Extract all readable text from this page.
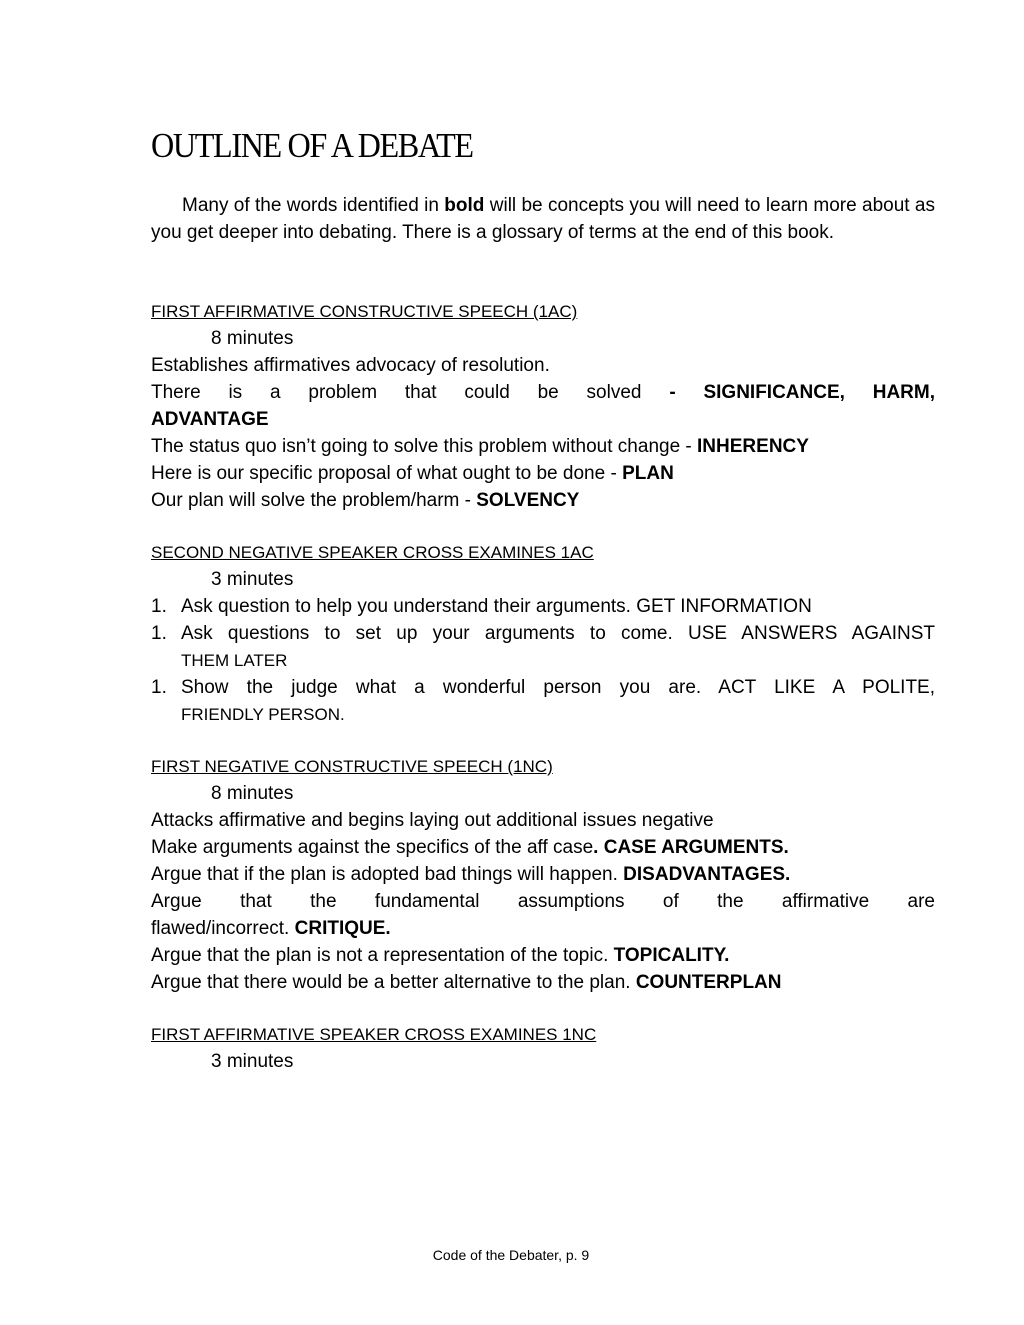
OUTLINE OF A DEBATE

Many of the words identified in bold will be concepts you will need to learn more about as you get deeper into debating. There is a glossary of terms at the end of this book.

FIRST AFFIRMATIVE CONSTRUCTIVE SPEECH (1AC)
8 minutes
Establishes affirmatives advocacy of resolution.
There is a problem that could be solved - SIGNIFICANCE, HARM,
ADVANTAGE
The status quo isn’t going to solve this problem without change - INHERENCY
Here is our specific proposal of what ought to be done - PLAN
Our plan will solve the problem/harm - SOLVENCY
SECOND NEGATIVE SPEAKER CROSS EXAMINES 1AC
3 minutes
1. Ask question to help you understand their arguments. GET INFORMATION
1. Ask questions to set up your arguments to come. USE ANSWERS AGAINST
THEM LATER
1. Show the judge what a wonderful person you are. ACT LIKE A POLITE,
FRIENDLY PERSON.
FIRST NEGATIVE CONSTRUCTIVE SPEECH (1NC)
8 minutes
Attacks affirmative and begins laying out additional issues negative
Make arguments against the specifics of the aff case. CASE ARGUMENTS.
Argue that if the plan is adopted bad things will happen. DISADVANTAGES.
Argue that the fundamental assumptions of the affirmative are
flawed/incorrect. CRITIQUE.
Argue that the plan is not a representation of the topic. TOPICALITY.
Argue that there would be a better alternative to the plan. COUNTERPLAN
FIRST AFFIRMATIVE SPEAKER CROSS EXAMINES 1NC
3 minutes
Code of the Debater, p. 9
